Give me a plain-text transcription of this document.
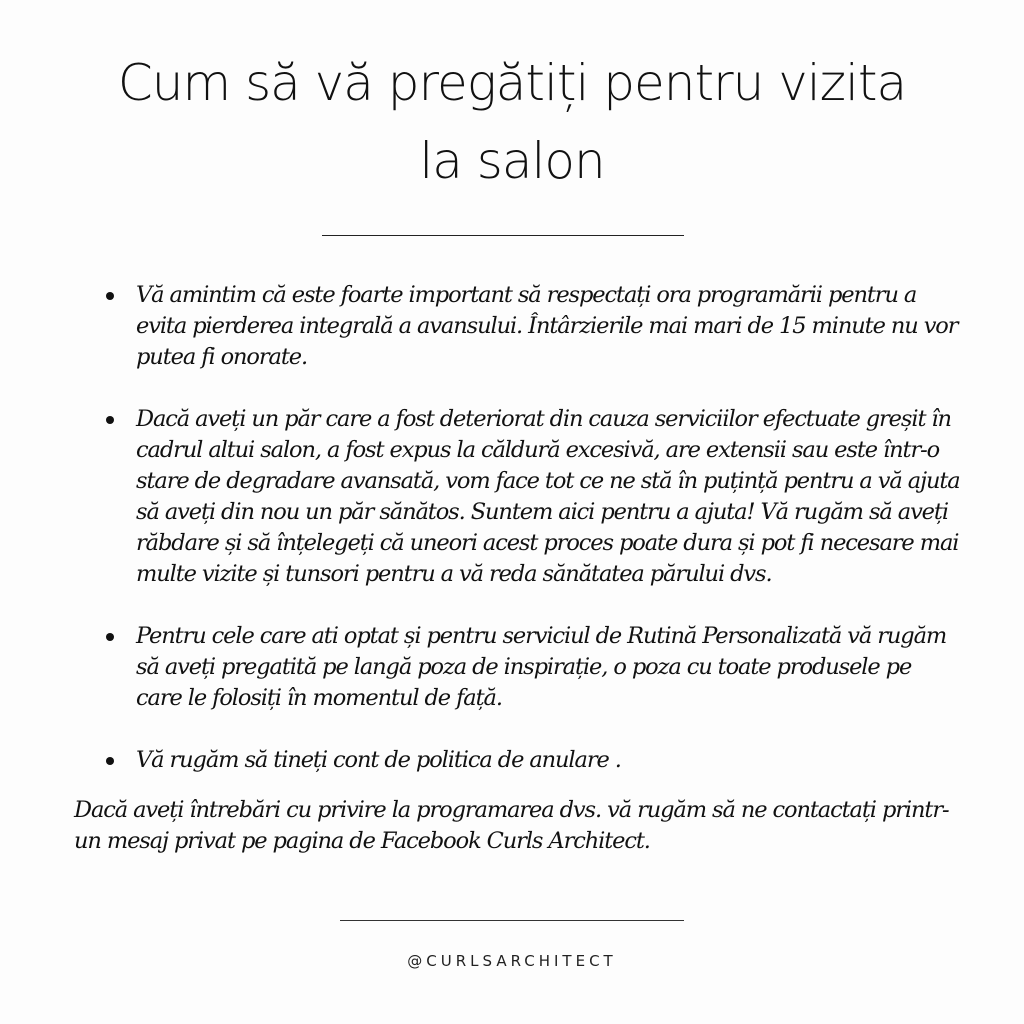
Cum să vă pregătiți pentru vizita
la salon
Vă amintim că este foarte important să respectați ora programării pentru a evita pierderea integrală a avansului. Întârzierile mai mari de 15 minute nu vor putea fi onorate.
Dacă aveți un păr care a fost deteriorat din cauza serviciilor efectuate greșit în cadrul altui salon, a fost expus la căldură excesivă, are extensii sau este într-o stare de degradare avansată, vom face tot ce ne stă în puțință pentru a vă ajuta să aveți din nou un păr sănătos. Suntem aici pentru a ajuta! Vă rugăm să aveți răbdare și să înțelegeți că uneori acest proces poate dura și pot fi necesare mai multe vizite și tunsori pentru a vă reda sănătatea părului dvs.
Pentru cele care ati optat și pentru serviciul de Rutină Personalizată vă rugăm să aveți pregatită pe langă poza de inspirație, o poza cu toate produsele pe care le folosiți în momentul de față.
Vă rugăm să tineți cont de politica de anulare .

Dacă aveți întrebări cu privire la programarea dvs. vă rugăm să ne contactați printr-un mesaj privat pe pagina de Facebook Curls Architect.

@CURLSARCHITECT
